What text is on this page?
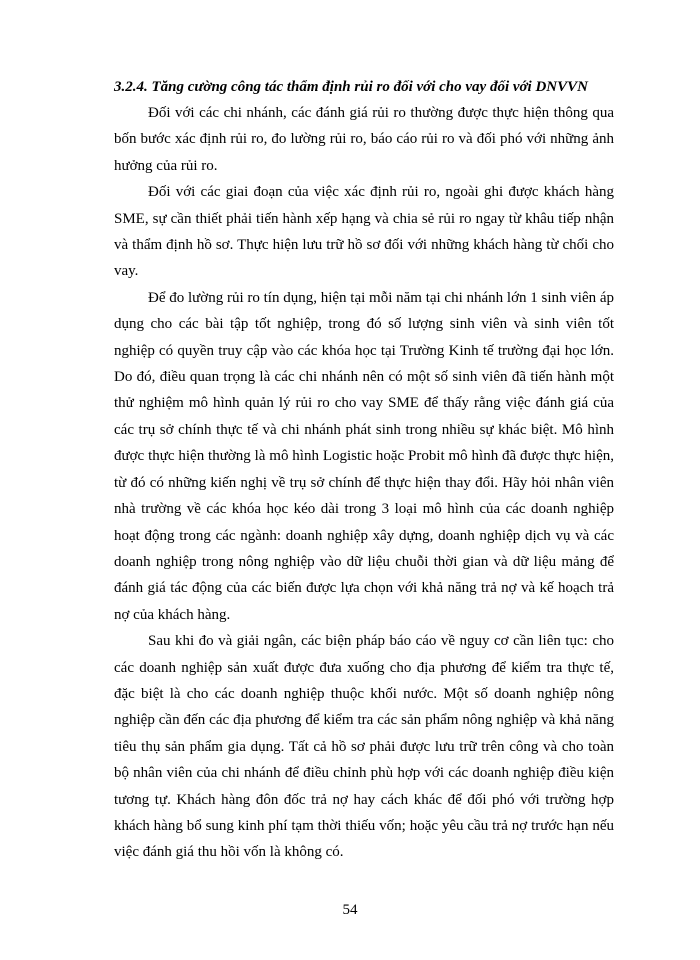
3.2.4. Tăng cường công tác thẩm định rủi ro đối với cho vay đối với DNVVN

Đối với các chi nhánh, các đánh giá rủi ro thường được thực hiện thông qua bốn bước xác định rủi ro, đo lường rủi ro, báo cáo rủi ro và đối phó với những ảnh hưởng của rủi ro.

Đối với các giai đoạn của việc xác định rủi ro, ngoài ghi được khách hàng SME, sự cần thiết phải tiến hành xếp hạng và chia sẻ rủi ro ngay từ khâu tiếp nhận và thẩm định hồ sơ. Thực hiện lưu trữ hồ sơ đối với những khách hàng từ chối cho vay.

Để đo lường rủi ro tín dụng, hiện tại mỗi năm tại chi nhánh lớn 1 sinh viên áp dụng cho các bài tập tốt nghiệp, trong đó số lượng sinh viên và sinh viên tốt nghiệp có quyền truy cập vào các khóa học tại Trường Kinh tế trường đại học lớn. Do đó, điều quan trọng là các chi nhánh nên có một số sinh viên đã tiến hành một thử nghiệm mô hình quản lý rủi ro cho vay SME để thấy rằng việc đánh giá của các trụ sở chính thực tế và chi nhánh phát sinh trong nhiều sự khác biệt. Mô hình được thực hiện thường là mô hình Logistic hoặc Probit mô hình đã được thực hiện, từ đó có những kiến nghị về trụ sở chính để thực hiện thay đổi. Hãy hỏi nhân viên nhà trường về các khóa học kéo dài trong 3 loại mô hình của các doanh nghiệp hoạt động trong các ngành: doanh nghiệp xây dựng, doanh nghiệp dịch vụ và các doanh nghiệp trong nông nghiệp vào dữ liệu chuỗi thời gian và dữ liệu mảng để đánh giá tác động của các biến được lựa chọn với khả năng trả nợ và kế hoạch trả nợ của khách hàng.

Sau khi đo và giải ngân, các biện pháp báo cáo về nguy cơ cần liên tục: cho các doanh nghiệp sản xuất được đưa xuống cho địa phương để kiểm tra thực tế, đặc biệt là cho các doanh nghiệp thuộc khối nước. Một số doanh nghiệp nông nghiệp cần đến các địa phương để kiểm tra các sản phẩm nông nghiệp và khả năng tiêu thụ sản phẩm gia dụng. Tất cả hồ sơ phải được lưu trữ trên công và cho toàn bộ nhân viên của chi nhánh để điều chỉnh phù hợp với các doanh nghiệp điều kiện tương tự. Khách hàng đôn đốc trả nợ hay cách khác để đối phó với trường hợp khách hàng bổ sung kinh phí tạm thời thiếu vốn; hoặc yêu cầu trả nợ trước hạn nếu việc đánh giá thu hồi vốn là không có.

54
